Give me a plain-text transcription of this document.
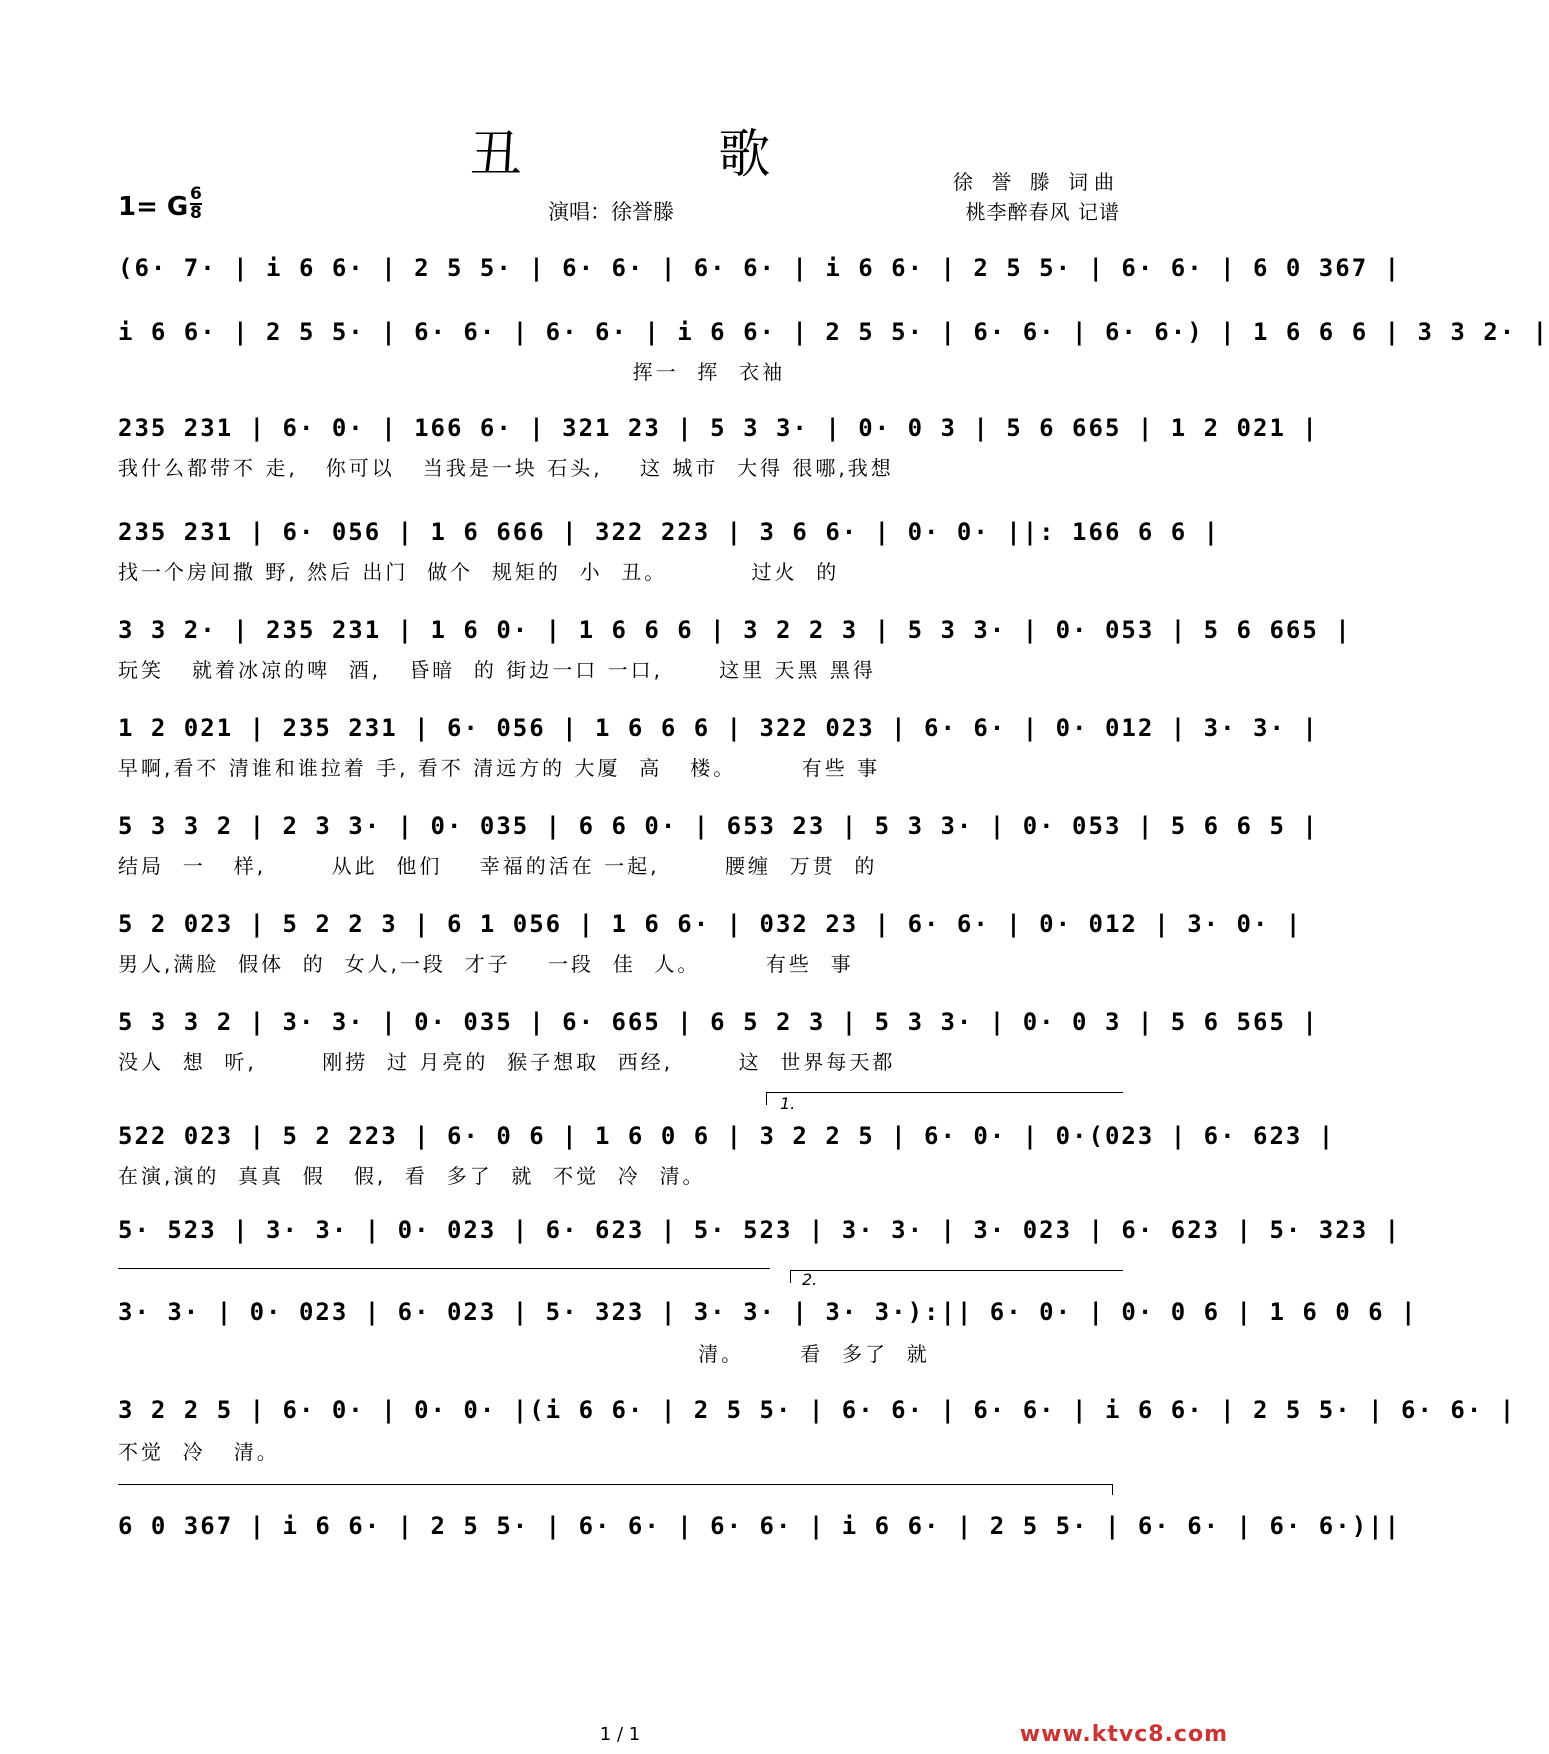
丑 歌
1= G $\frac{6}{8}$	演唱：徐誉滕
徐 誉 滕 词曲
桃李醉春风 记谱
(6· 7· | i 6 6· | 2 5 5· | 6· 6· | 6· 6· | i 6 6· | 2 5 5· | 6· 6· | 6 0 367 |
i 6 6· | 2 5 5· | 6· 6· | 6· 6· | i 6 6· | 2 5 5· | 6· 6· | 6· 6·) | 1 6 6 6 | 3 3 2· |
挥一  挥  衣袖
235 231 | 6· 0· | 166 6· | 321 23 | 5 3 3· | 0· 0 3 | 5 6 665 | 1 2 021 |
我什么都带不 走,   你可以   当我是一块 石头,    这 城市  大得 很哪,我想
235 231 | 6· 056 | 1 6 666 | 322 223 | 3 6 6· | 0· 0· ||: 166 6 6 |
找一个房间撒 野, 然后 出门  做个  规矩的  小  丑。         过火  的
3 3 2· | 235 231 | 1 6 0· | 1 6 6 6 | 3 2 2 3 | 5 3 3· | 0· 053 | 5 6 665 |
玩笑   就着冰凉的啤  酒,   昏暗  的 街边一口 一口,      这里 天黑 黑得
1 2 021 | 235 231 | 6· 056 | 1 6 6 6 | 322 023 | 6· 6· | 0· 012 | 3· 3· |
早啊,看不 清谁和谁拉着 手, 看不 清远方的 大厦  高   楼。       有些 事
5 3 3 2 | 2 3 3· | 0· 035 | 6 6 0· | 653 23 | 5 3 3· | 0· 053 | 5 6 6 5 |
结局  一   样,       从此  他们    幸福的活在 一起,       腰缠  万贯  的
5 2 023 | 5 2 2 3 | 6 1 056 | 1 6 6· | 032 23 | 6· 6· | 0· 012 | 3· 0· |
男人,满脸  假体  的  女人,一段  才子    一段  佳  人。       有些  事
5 3 3 2 | 3· 3· | 0· 035 | 6· 665 | 6 5 2 3 | 5 3 3· | 0· 0 3 | 5 6 565 |
没人  想  听,       刚捞  过 月亮的  猴子想取  西经,       这  世界每天都
1.
522 023 | 5 2 223 | 6· 0 6 | 1 6 0 6 | 3 2 2 5 | 6· 0· | 0·(023 | 6· 623 |
在演,演的  真真  假   假,  看  多了  就  不觉  冷  清。
5· 523 | 3· 3· | 0· 023 | 6· 623 | 5· 523 | 3· 3· | 3· 023 | 6· 623 | 5· 323 |
2.
3· 3· | 0· 023 | 6· 023 | 5· 323 | 3· 3· | 3· 3·):|| 6· 0· | 0· 0 6 | 1 6 0 6 |
清。      看  多了  就
3 2 2 5 | 6· 0· | 0· 0· |(i 6 6· | 2 5 5· | 6· 6· | 6· 6· | i 6 6· | 2 5 5· | 6· 6· |
不觉  冷   清。
6 0 367 | i 6 6· | 2 5 5· | 6· 6· | 6· 6· | i 6 6· | 2 5 5· | 6· 6· | 6· 6·)||
1 / 1	www.ktvc8.com
